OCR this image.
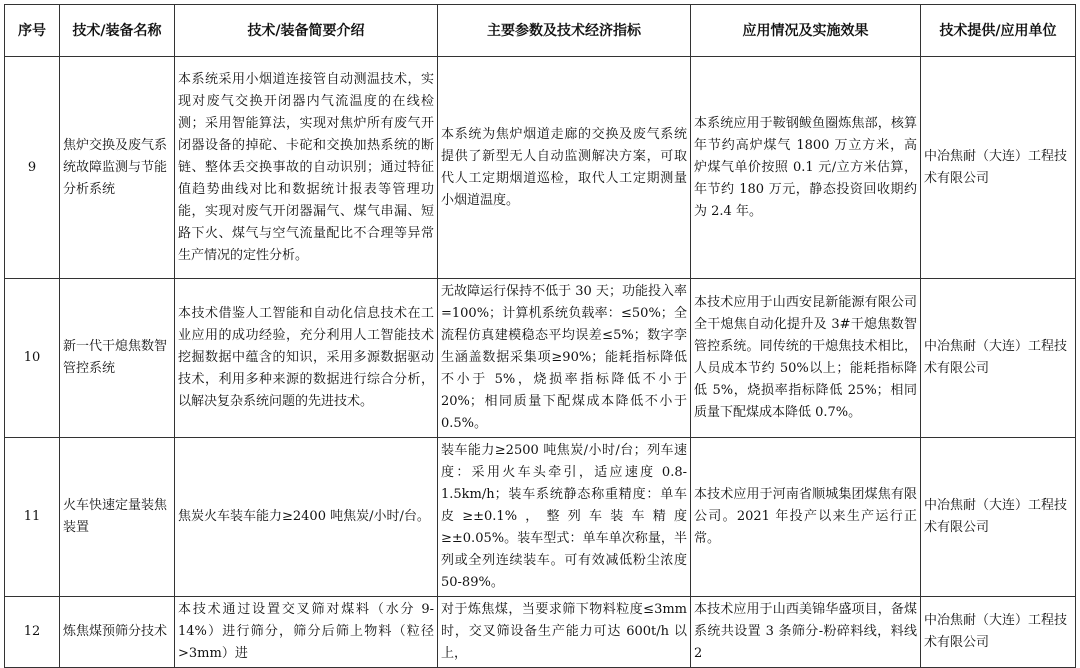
序号	技术/装备名称	技术/装备简要介绍	主要参数及技术经济指标	应用情况及实施效果	技术提供/应用单位
9	焦炉交换及废气系统故障监测与节能分析系统	本系统采用小烟道连接管自动测温技术，实现对废气交换开闭器内气流温度的在线检测；采用智能算法，实现对焦炉所有废气开闭器设备的掉砣、卡砣和交换加热系统的断链、整体丢交换事故的自动识别；通过特征值趋势曲线对比和数据统计报表等管理功能，实现对废气开闭器漏气、煤气串漏、短路下火、煤气与空气流量配比不合理等异常生产情况的定性分析。	本系统为焦炉烟道走廊的交换及废气系统提供了新型无人自动监测解决方案，可取代人工定期烟道巡检，取代人工定期测量小烟道温度。	本系统应用于鞍钢鲅鱼圈炼焦部，核算年节约高炉煤气 1800 万立方米，高炉煤气单价按照 0.1 元/立方米估算，年节约 180 万元，静态投资回收期约为 2.4 年。	中冶焦耐（大连）工程技术有限公司
10	新一代干熄焦数智管控系统	本技术借鉴人工智能和自动化信息技术在工业应用的成功经验，充分利用人工智能技术挖掘数据中蕴含的知识，采用多源数据驱动技术，利用多种来源的数据进行综合分析，以解决复杂系统问题的先进技术。	无故障运行保持不低于 30 天；功能投入率=100%；计算机系统负载率：≤50%；全流程仿真建模稳态平均误差≤5%；数字孪生涵盖数据采集项≥90%；能耗指标降低不小于 5%，烧损率指标降低不小于 20%；相同质量下配煤成本降低不小于 0.5%。	本技术应用于山西安昆新能源有限公司全干熄焦自动化提升及 3#干熄焦数智管控系统。同传统的干熄焦技术相比，人员成本节约 50%以上；能耗指标降低 5%，烧损率指标降低 25%；相同质量下配煤成本降低 0.7%。	中冶焦耐（大连）工程技术有限公司
11	火车快速定量装焦装置	焦炭火车装车能力≥2400 吨焦炭/小时/台。	装车能力≥2500 吨焦炭/小时/台；列车速度：采用火车头牵引，适应速度 0.8-1.5km/h；装车系统静态称重精度：单车皮≥±0.1%，整列车装车精度≥±0.05%。装车型式：单车单次称量，半列或全列连续装车。可有效减低粉尘浓度 50-89%。	本技术应用于河南省顺城集团煤焦有限公司。2021 年投产以来生产运行正常。	中冶焦耐（大连）工程技术有限公司
12	炼焦煤预筛分技术	本技术通过设置交叉筛对煤料（水分 9-14%）进行筛分，筛分后筛上物料（粒径>3mm）进	对于炼焦煤，当要求筛下物料粒度≤3mm 时，交叉筛设备生产能力可达 600t/h 以上，	本技术应用于山西美锦华盛项目，备煤系统共设置 3 条筛分-粉碎料线，料线 2	中冶焦耐（大连）工程技术有限公司
